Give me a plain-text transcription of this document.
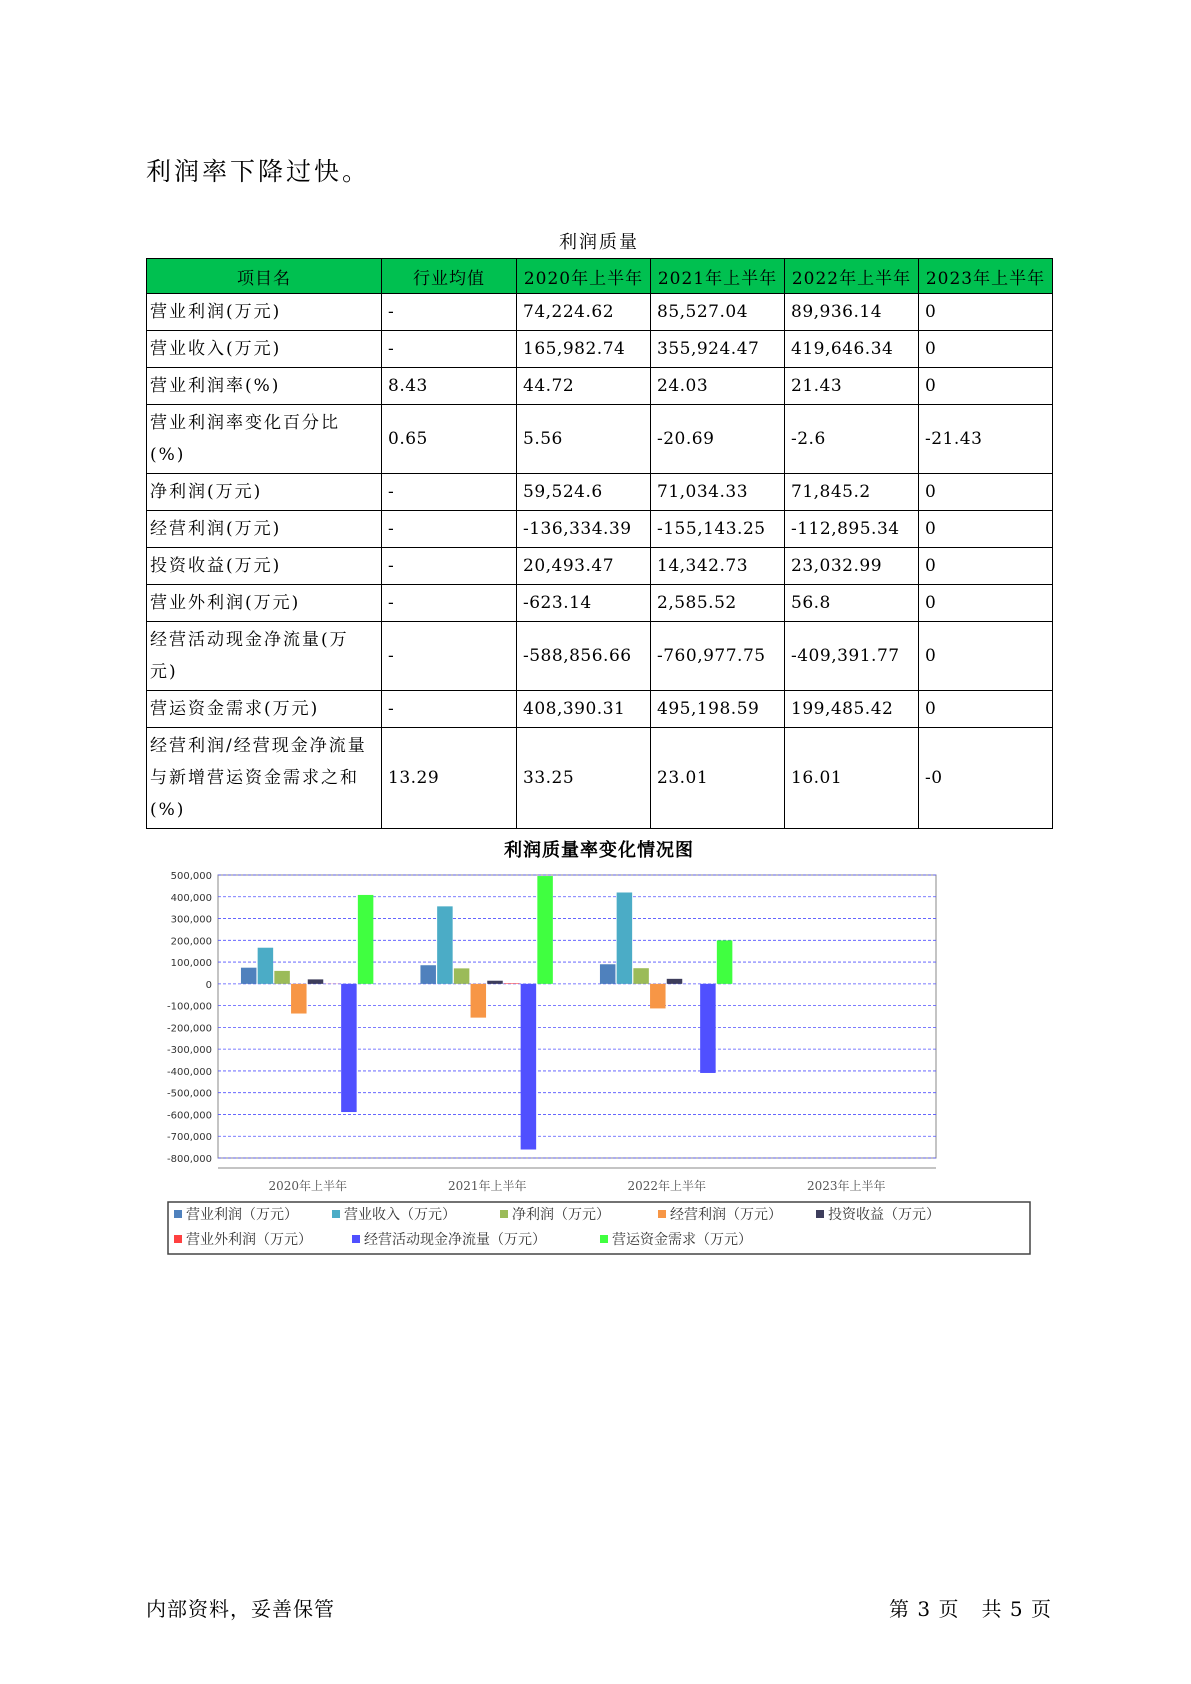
利润率下降过快。
利润质量
项目名	行业均值	2020年上半年	2021年上半年	2022年上半年	2023年上半年
营业利润(万元)	-	74,224.62	85,527.04	89,936.14	0
营业收入(万元)	-	165,982.74	355,924.47	419,646.34	0
营业利润率(%)	8.43	44.72	24.03	21.43	0
营业利润率变化百分比(%)	0.65	5.56	-20.69	-2.6	-21.43
净利润(万元)	-	59,524.6	71,034.33	71,845.2	0
经营利润(万元)	-	-136,334.39	-155,143.25	-112,895.34	0
投资收益(万元)	-	20,493.47	14,342.73	23,032.99	0
营业外利润(万元)	-	-623.14	2,585.52	56.8	0
经营活动现金净流量(万元)	-	-588,856.66	-760,977.75	-409,391.77	0
营运资金需求(万元)	-	408,390.31	495,198.59	199,485.42	0
经营利润/经营现金净流量与新增营运资金需求之和(%)	13.29	33.25	23.01	16.01	-0
利润质量率变化情况图
500,000
400,000
300,000
200,000
100,000
0
-100,000
-200,000
-300,000
-400,000
-500,000
-600,000
-700,000
-800,000
2020年上半年	2021年上半年	2022年上半年	2023年上半年
营业利润（万元）	营业收入（万元）	净利润（万元）	经营利润（万元）	投资收益（万元）
营业外利润（万元）	经营活动现金净流量（万元）	营运资金需求（万元）
内部资料，妥善保管	第 3 页   共 5 页
